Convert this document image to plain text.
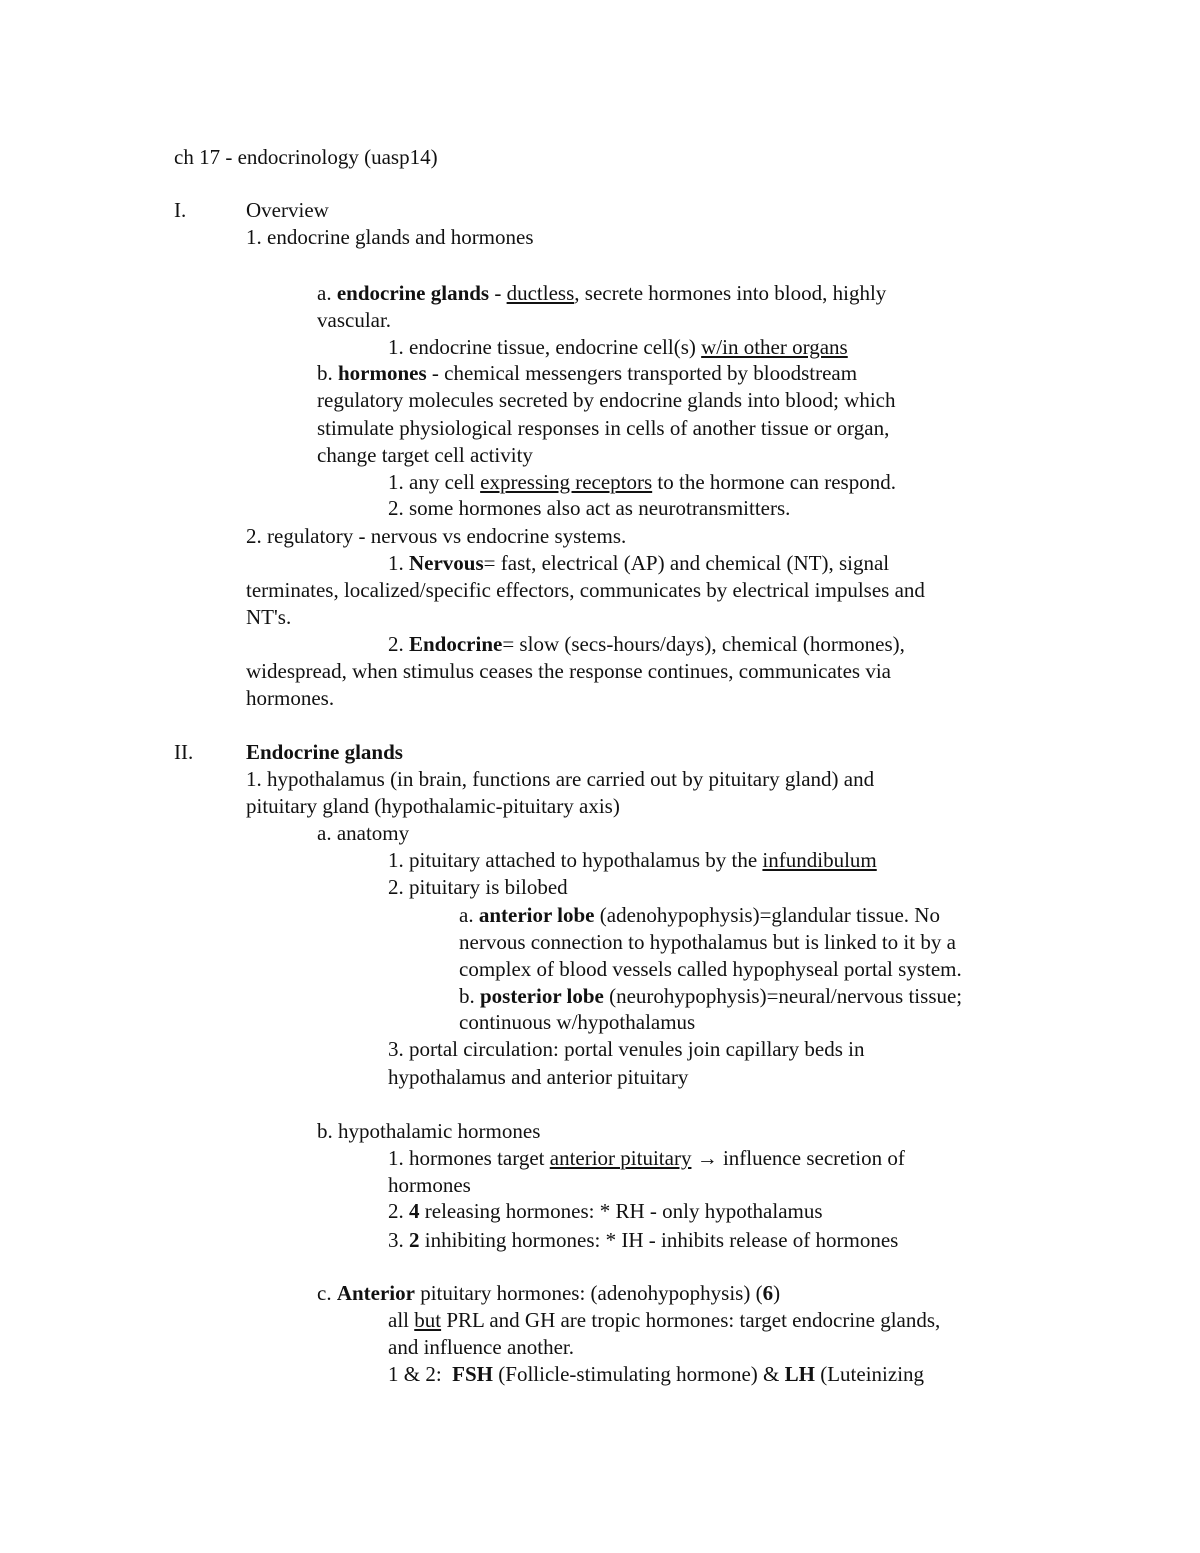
ch 17 - endocrinology (uasp14)

I.	Overview

1. endocrine glands and hormones

a. endocrine glands - ductless, secrete hormones into blood, highly

vascular.

1. endocrine tissue, endocrine cell(s) w/in other organs

b. hormones - chemical messengers transported by bloodstream

regulatory molecules secreted by endocrine glands into blood; which

stimulate physiological responses in cells of another tissue or organ,

change target cell activity

1. any cell expressing receptors to the hormone can respond.

2. some hormones also act as neurotransmitters.

2. regulatory - nervous vs endocrine systems.

1. Nervous= fast, electrical (AP) and chemical (NT), signal

terminates, localized/specific effectors, communicates by electrical impulses and

NT's.

2. Endocrine= slow (secs-hours/days), chemical (hormones),

widespread, when stimulus ceases the response continues, communicates via

hormones.

II.	Endocrine glands

1. hypothalamus (in brain, functions are carried out by pituitary gland) and

pituitary gland (hypothalamic-pituitary axis)

a. anatomy

1. pituitary attached to hypothalamus by the infundibulum

2. pituitary is bilobed

a. anterior lobe (adenohypophysis)=glandular tissue. No

nervous connection to hypothalamus but is linked to it by a

complex of blood vessels called hypophyseal portal system.

b. posterior lobe (neurohypophysis)=neural/nervous tissue;

continuous w/hypothalamus

3. portal circulation: portal venules join capillary beds in

hypothalamus and anterior pituitary

b. hypothalamic hormones

1. hormones target anterior pituitary → influence secretion of

hormones

2. 4 releasing hormones: * RH - only hypothalamus

3. 2 inhibiting hormones: * IH - inhibits release of hormones

c. Anterior pituitary hormones: (adenohypophysis) (6)

all but PRL and GH are tropic hormones: target endocrine glands,

and influence another.

1 & 2:  FSH (Follicle-stimulating hormone) & LH (Luteinizing
